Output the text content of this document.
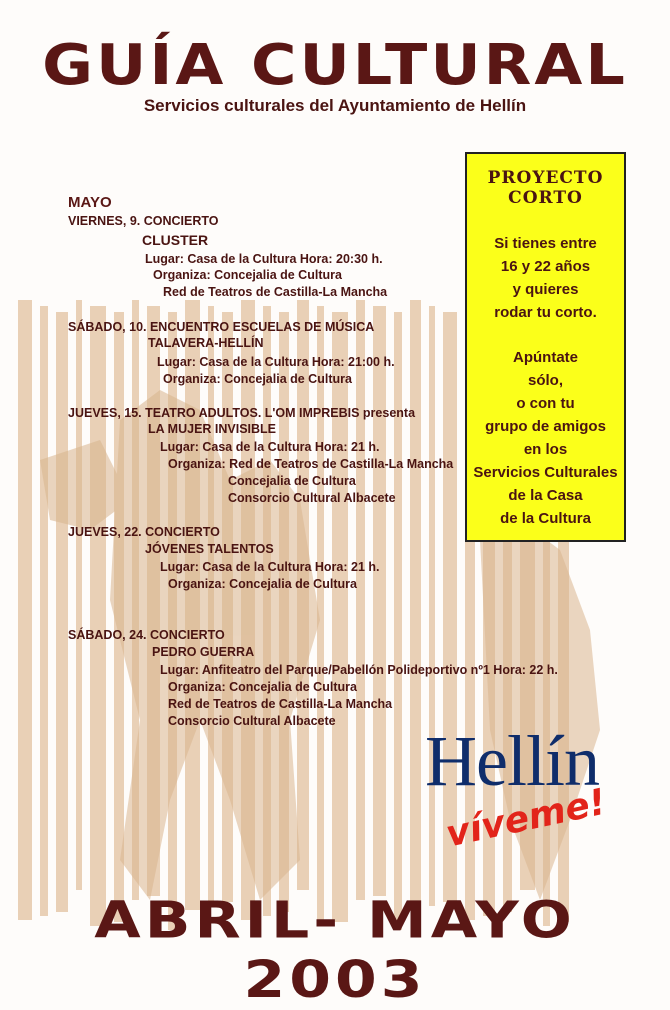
GUÍA CULTURAL
Servicios culturales del Ayuntamiento de Hellín
MAYO
VIERNES, 9. CONCIERTO
CLUSTER
Lugar: Casa de la Cultura Hora: 20:30 h.
Organiza: Concejalia de Cultura
Red de Teatros de Castilla-La Mancha
SÁBADO, 10. ENCUENTRO ESCUELAS DE MÚSICA
TALAVERA-HELLÍN
Lugar: Casa de la Cultura Hora: 21:00 h.
Organiza: Concejalia de Cultura
JUEVES, 15. TEATRO ADULTOS. L'OM IMPREBIS presenta
LA MUJER INVISIBLE
Lugar: Casa de la Cultura Hora: 21 h.
Organiza: Red de Teatros de Castilla-La Mancha
Concejalia de Cultura
Consorcio Cultural Albacete
JUEVES, 22. CONCIERTO
JÓVENES TALENTOS
Lugar: Casa de la Cultura Hora: 21 h.
Organiza: Concejalia de Cultura
SÁBADO, 24. CONCIERTO
PEDRO GUERRA
Lugar: Anfiteatro del Parque/Pabellón Polideportivo nº1 Hora: 22 h.
Organiza: Concejalia de Cultura
Red de Teatros de Castilla-La Mancha
Consorcio Cultural Albacete
PROYECTO
CORTO
Si tienes entre
16 y 22 años
y quieres
rodar tu corto.
Apúntate
sólo,
o con tu
grupo de amigos
en los
Servicios Culturales
de la Casa
de la Cultura
Hellín
víveme!
ABRIL- MAYO 2003
